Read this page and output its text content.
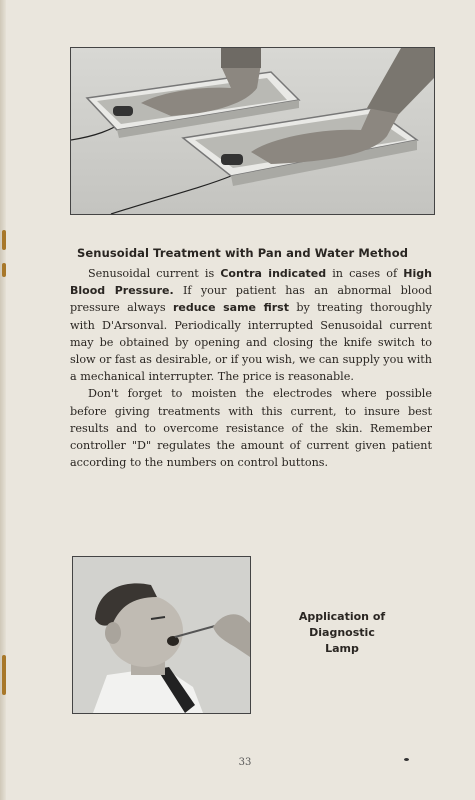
Senusoidal Treatment with Pan and Water Method

Senusoidal current is Contra indicated in cases of High Blood Pressure. If your patient has an abnormal blood pressure always reduce same first by treating thoroughly with D'Arsonval. Periodically interrupted Senusoidal current may be obtained by opening and closing the knife switch to slow or fast as desirable, or if you wish, we can supply you with a mechanical interrupter. The price is reasonable.

Don't forget to moisten the electrodes where possible before giving treatments with this current, to insure best results and to overcome resistance of the skin. Remember controller "D" regulates the amount of current given patient according to the numbers on control buttons.

Application of
Diagnostic
Lamp
33
